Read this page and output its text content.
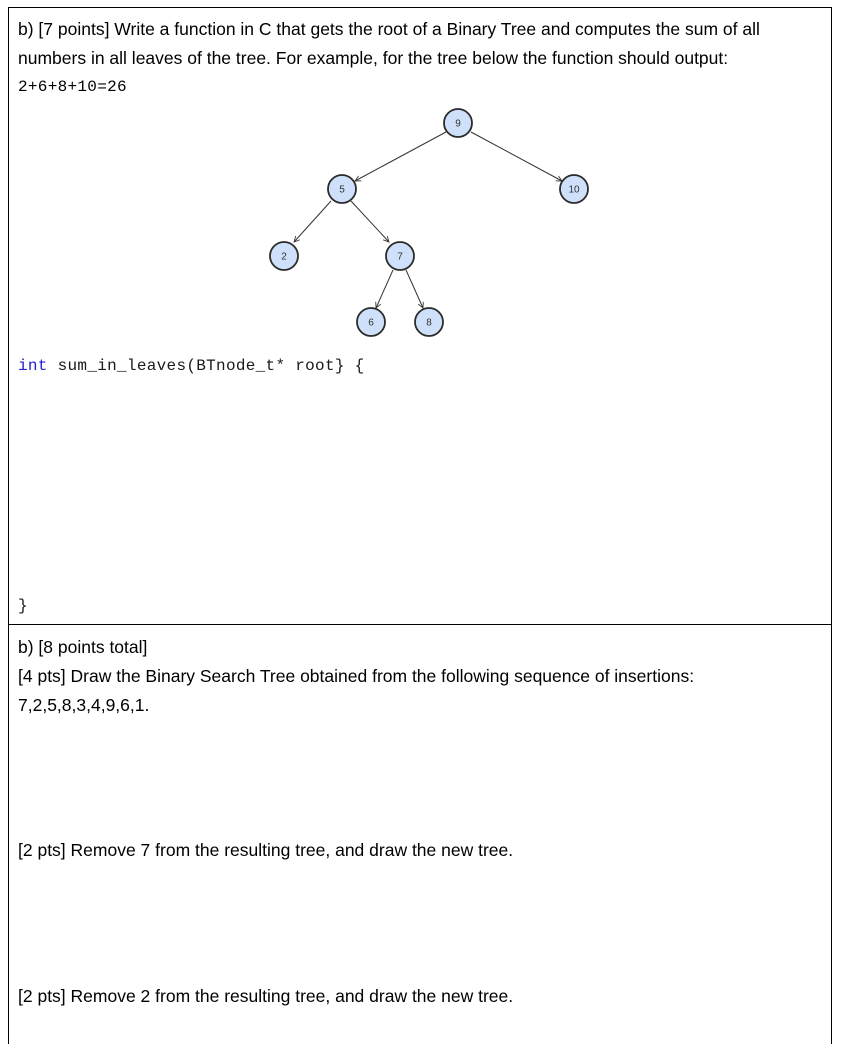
b) [7 points] Write a function in C that gets the root of a Binary Tree and computes the sum of all
numbers in all leaves of the tree. For example, for the tree below the function should output:
2+6+8+10=26
9
5	10
2	7
6	8
int sum_in_leaves(BTnode_t* root} {
}
b) [8 points total]
[4 pts] Draw the Binary Search Tree obtained from the following sequence of insertions:
7,2,5,8,3,4,9,6,1.
[2 pts] Remove 7 from the resulting tree, and draw the new tree.
[2 pts] Remove 2 from the resulting tree, and draw the new tree.
